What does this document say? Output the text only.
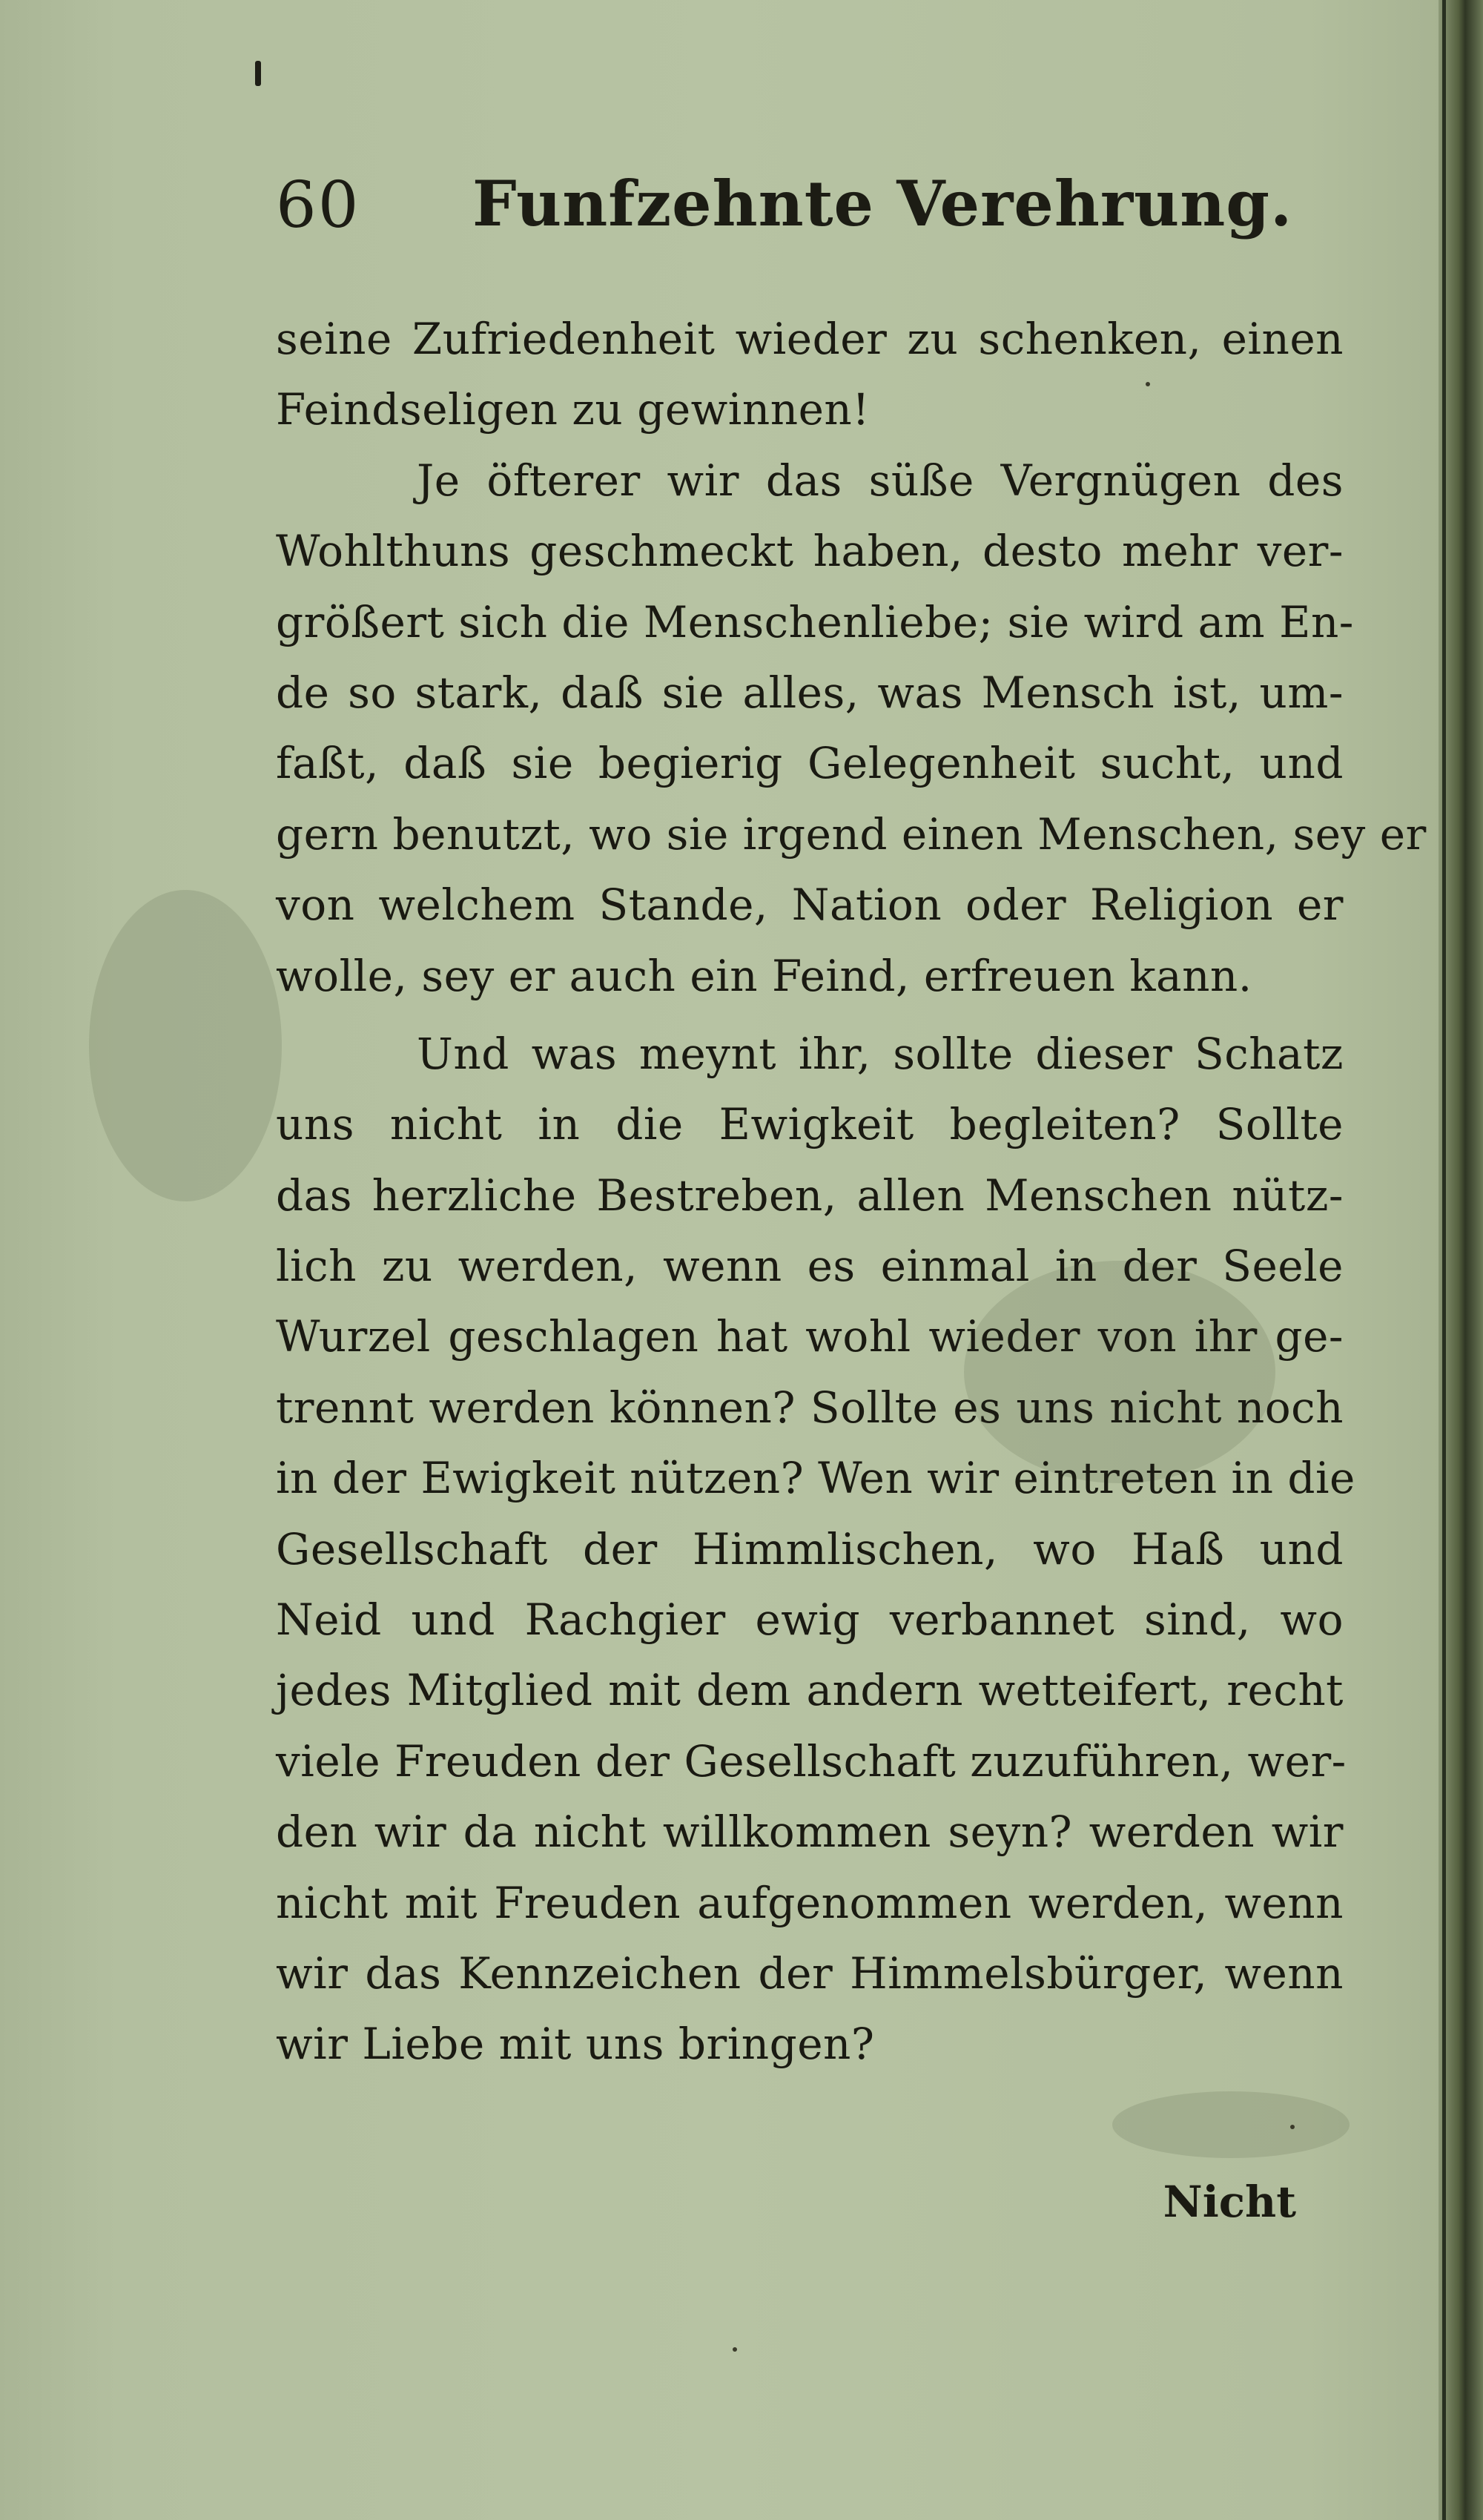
60 Funfzehnte Verehrung.
seine Zufriedenheit wieder zu schenken, einen
Feindseligen zu gewinnen!
Je öfterer wir das süße Vergnügen des
Wohlthuns geschmeckt haben, desto mehr ver-
größert sich die Menschenliebe; sie wird am En-
de so stark, daß sie alles, was Mensch ist, um-
faßt, daß sie begierig Gelegenheit sucht, und
gern benutzt, wo sie irgend einen Menschen, sey er
von welchem Stande, Nation oder Religion er
wolle, sey er auch ein Feind, erfreuen kann.
Und was meynt ihr, sollte dieser Schatz
uns nicht in die Ewigkeit begleiten? Sollte
das herzliche Bestreben, allen Menschen nütz-
lich zu werden, wenn es einmal in der Seele
Wurzel geschlagen hat wohl wieder von ihr ge-
trennt werden können? Sollte es uns nicht noch
in der Ewigkeit nützen? Wen wir eintreten in die
Gesellschaft der Himmlischen, wo Haß und
Neid und Rachgier ewig verbannet sind, wo
jedes Mitglied mit dem andern wetteifert, recht
viele Freuden der Gesellschaft zuzuführen, wer-
den wir da nicht willkommen seyn? werden wir
nicht mit Freuden aufgenommen werden, wenn
wir das Kennzeichen der Himmelsbürger, wenn
wir Liebe mit uns bringen?
Nicht
